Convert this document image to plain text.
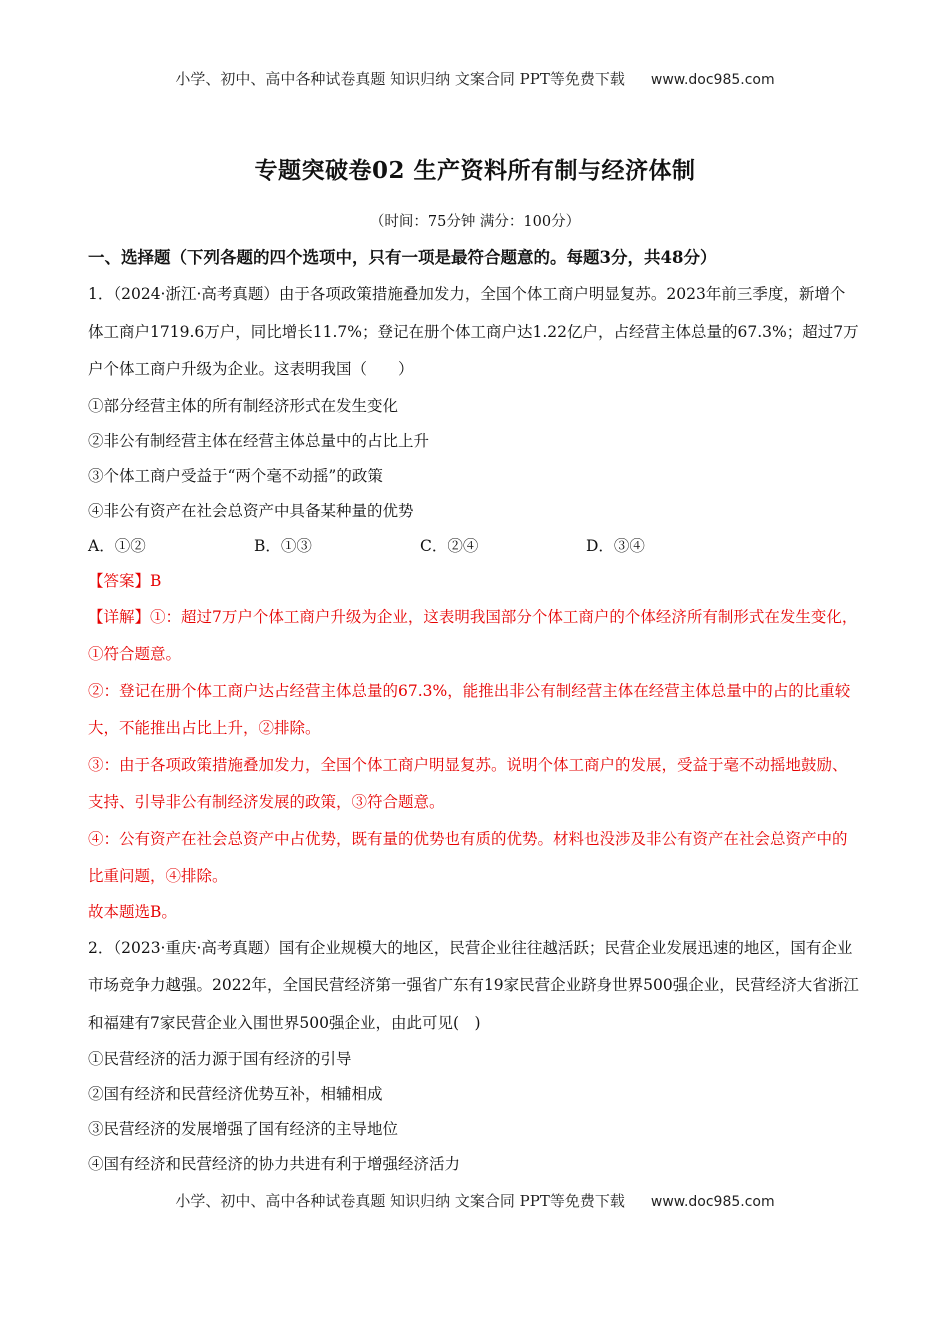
小学、初中、高中各种试卷真题 知识归纳 文案合同 PPT等免费下载 www.doc985.com
专题突破卷02 生产资料所有制与经济体制
（时间：75分钟 满分：100分）
一、选择题（下列各题的四个选项中，只有一项是最符合题意的。每题3分，共48分）
1．（2024·浙江·高考真题）由于各项政策措施叠加发力，全国个体工商户明显复苏。2023年前三季度，新增个体工商户1719.6万户，同比增长11.7%；登记在册个体工商户达1.22亿户，占经营主体总量的67.3%；超过7万户个体工商户升级为企业。这表明我国（　　）
①部分经营主体的所有制经济形式在发生变化
②非公有制经营主体在经营主体总量中的占比上升
③个体工商户受益于“两个毫不动摇”的政策
④非公有资产在社会总资产中具备某种量的优势
A．①②	B．①③	C．②④	D．③④
【答案】B
【详解】①：超过7万户个体工商户升级为企业，这表明我国部分个体工商户的个体经济所有制形式在发生变化，①符合题意。
②：登记在册个体工商户达占经营主体总量的67.3%，能推出非公有制经营主体在经营主体总量中的占的比重较大，不能推出占比上升，②排除。
③：由于各项政策措施叠加发力，全国个体工商户明显复苏。说明个体工商户的发展，受益于毫不动摇地鼓励、支持、引导非公有制经济发展的政策，③符合题意。
④：公有资产在社会总资产中占优势，既有量的优势也有质的优势。材料也没涉及非公有资产在社会总资产中的比重问题，④排除。
故本题选B。
2．（2023·重庆·高考真题）国有企业规模大的地区，民营企业往往越活跃；民营企业发展迅速的地区，国有企业市场竞争力越强。2022年，全国民营经济第一强省广东有19家民营企业跻身世界500强企业，民营经济大省浙江和福建有7家民营企业入围世界500强企业，由此可见(　)
①民营经济的活力源于国有经济的引导
②国有经济和民营经济优势互补，相辅相成
③民营经济的发展增强了国有经济的主导地位
④国有经济和民营经济的协力共进有利于增强经济活力
小学、初中、高中各种试卷真题 知识归纳 文案合同 PPT等免费下载 www.doc985.com
